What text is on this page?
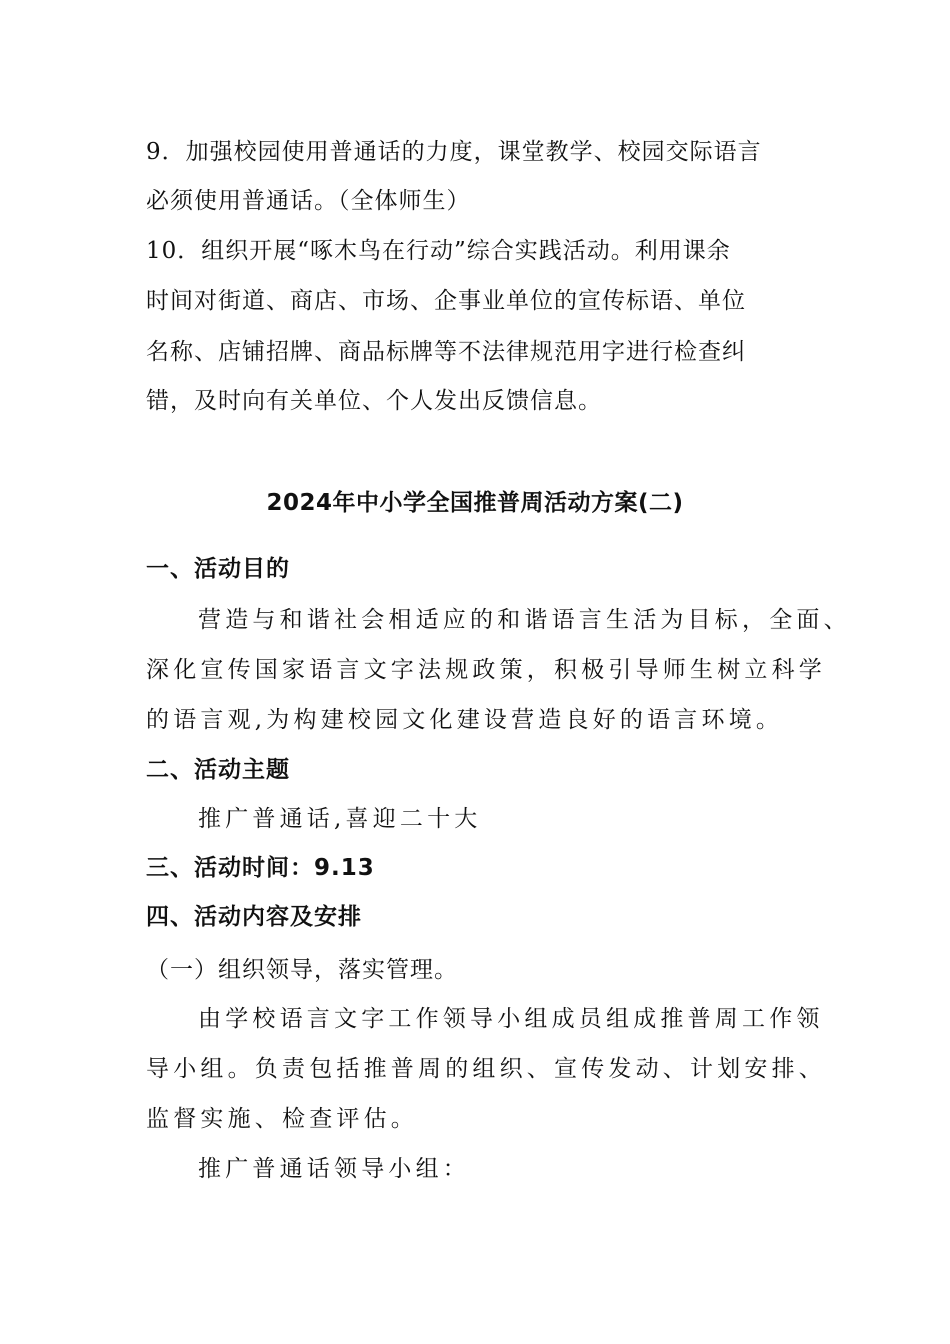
9．加强校园使用普通话的力度，课堂教学、校园交际语言
必须使用普通话。（全体师生）
10．组织开展“啄木鸟在行动”综合实践活动。利用课余
时间对街道、商店、市场、企事业单位的宣传标语、单位
名称、店铺招牌、商品标牌等不法律规范用字进行检查纠
错，及时向有关单位、个人发出反馈信息。
2024年中小学全国推普周活动方案(二)
一、活动目的
营造与和谐社会相适应的和谐语言生活为目标，全面、
深化宣传国家语言文字法规政策，积极引导师生树立科学
的语言观,为构建校园文化建设营造良好的语言环境。
二、活动主题
推广普通话,喜迎二十大
三、活动时间：9.13
四、活动内容及安排
（一）组织领导，落实管理。
由学校语言文字工作领导小组成员组成推普周工作领
导小组。负责包括推普周的组织、宣传发动、计划安排、
监督实施、检查评估。
推广普通话领导小组：
